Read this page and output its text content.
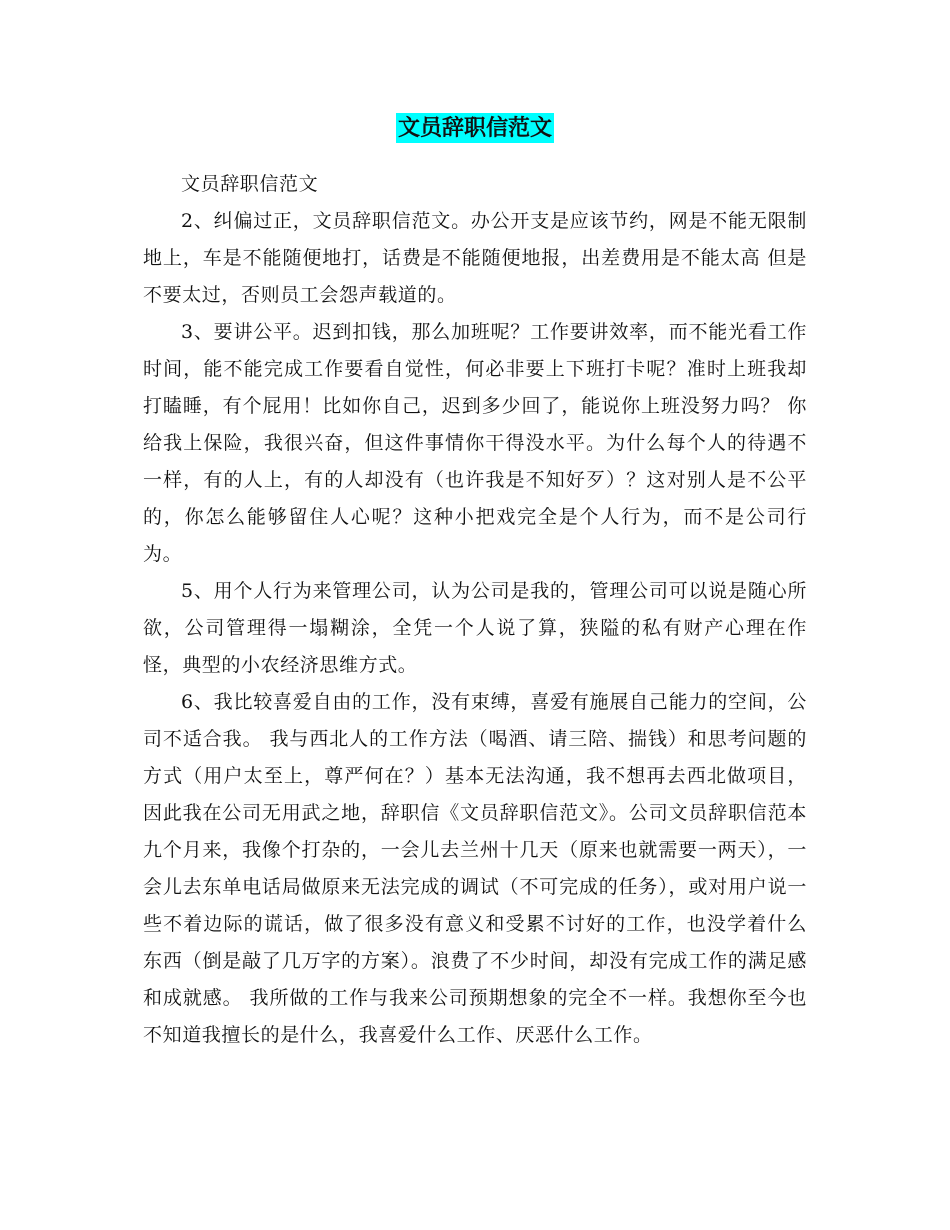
文员辞职信范文

文员辞职信范文

2、纠偏过正，文员辞职信范文。办公开支是应该节约，网是不能无限制地上，车是不能随便地打，话费是不能随便地报，出差费用是不能太高 但是不要太过，否则员工会怨声载道的。

3、要讲公平。迟到扣钱，那么加班呢？工作要讲效率，而不能光看工作时间，能不能完成工作要看自觉性，何必非要上下班打卡呢？准时上班我却打瞌睡，有个屁用！比如你自己，迟到多少回了，能说你上班没努力吗？ 你给我上保险，我很兴奋，但这件事情你干得没水平。为什么每个人的待遇不一样，有的人上，有的人却没有（也许我是不知好歹）？这对别人是不公平的，你怎么能够留住人心呢？这种小把戏完全是个人行为，而不是公司行为。

5、用个人行为来管理公司，认为公司是我的，管理公司可以说是随心所欲，公司管理得一塌糊涂，全凭一个人说了算，狭隘的私有财产心理在作怪，典型的小农经济思维方式。

6、我比较喜爱自由的工作，没有束缚，喜爱有施展自己能力的空间，公司不适合我。 我与西北人的工作方法（喝酒、请三陪、揣钱）和思考问题的方式（用户太至上，尊严何在？）基本无法沟通，我不想再去西北做项目，因此我在公司无用武之地，辞职信《文员辞职信范文》。公司文员辞职信范本 九个月来，我像个打杂的，一会儿去兰州十几天（原来也就需要一两天），一会儿去东单电话局做原来无法完成的调试（不可完成的任务），或对用户说一些不着边际的谎话，做了很多没有意义和受累不讨好的工作，也没学着什么东西（倒是敲了几万字的方案）。浪费了不少时间，却没有完成工作的满足感和成就感。 我所做的工作与我来公司预期想象的完全不一样。我想你至今也不知道我擅长的是什么，我喜爱什么工作、厌恶什么工作。
